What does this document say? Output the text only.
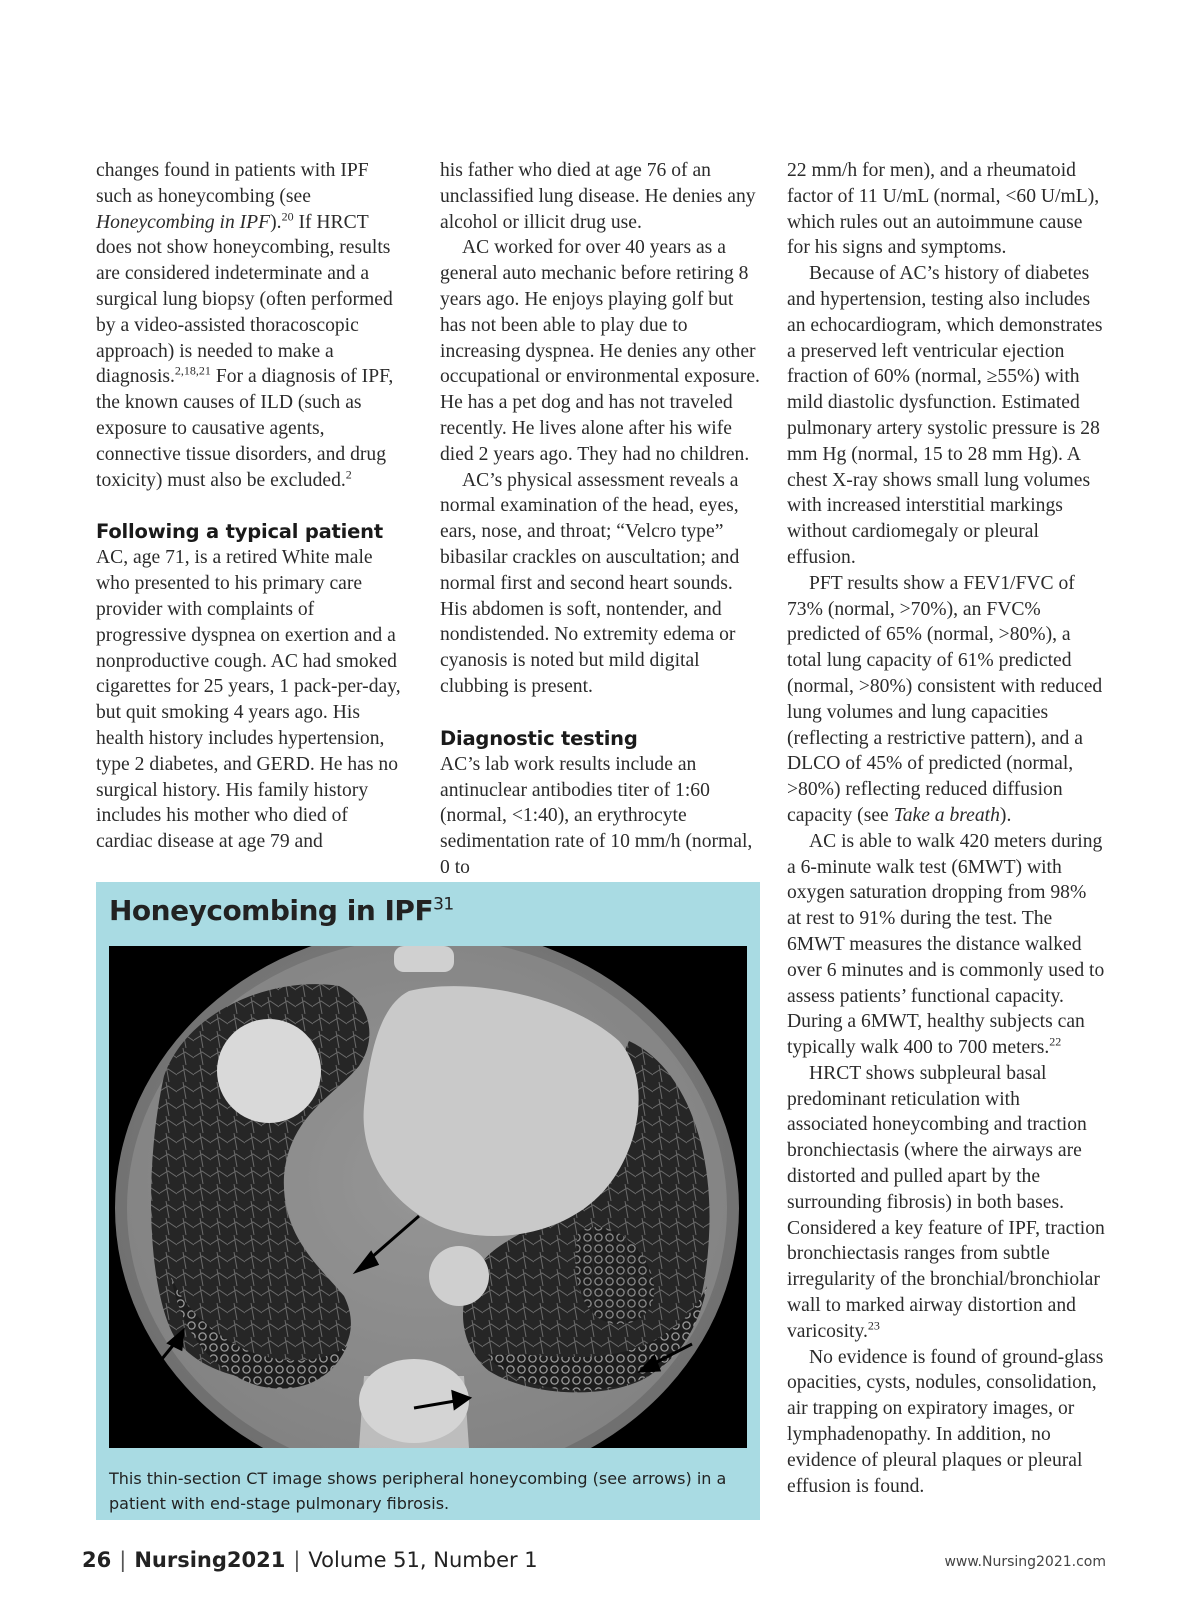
changes found in patients with IPF such as honeycombing (see Honeycombing in IPF).$^{20}$ If HRCT does not show honeycombing, results are considered indeterminate and a surgical lung biopsy (often performed by a video-assisted thoracoscopic approach) is needed to make a diagnosis.$^{2,18,21}$ For a diagnosis of IPF, the known causes of ILD (such as exposure to causative agents, connective tissue disorders, and drug toxicity) must also be excluded.$^2$

Following a typical patient

AC, age 71, is a retired White male who presented to his primary care provider with complaints of progressive dyspnea on exertion and a nonproductive cough. AC had smoked cigarettes for 25 years, 1 pack-per-day, but quit smoking 4 years ago. His health history includes hypertension, type 2 diabetes, and GERD. He has no surgical history. His family history includes his mother who died of cardiac disease at age 79 and

his father who died at age 76 of an unclassified lung disease. He denies any alcohol or illicit drug use.

AC worked for over 40 years as a general auto mechanic before retiring 8 years ago. He enjoys playing golf but has not been able to play due to increasing dyspnea. He denies any other occupational or environmental exposure. He has a pet dog and has not traveled recently. He lives alone after his wife died 2 years ago. They had no children.

AC’s physical assessment reveals a normal examination of the head, eyes, ears, nose, and throat; “Velcro type” bibasilar crackles on auscultation; and normal first and second heart sounds. His abdomen is soft, nontender, and nondistended. No extremity edema or cyanosis is noted but mild digital clubbing is present.

Diagnostic testing

AC’s lab work results include an antinuclear antibodies titer of 1:60 (normal, <1:40), an erythrocyte sedimentation rate of 10 mm/h (normal, 0 to

22 mm/h for men), and a rheumatoid factor of 11 U/mL (normal, <60 U/mL), which rules out an autoimmune cause for his signs and symptoms.

Because of AC’s history of diabetes and hypertension, testing also includes an echocardiogram, which demonstrates a preserved left ventricular ejection fraction of 60% (normal, ≥55%) with mild diastolic dysfunction. Estimated pulmonary artery systolic pressure is 28 mm Hg (normal, 15 to 28 mm Hg). A chest X-ray shows small lung volumes with increased interstitial markings without cardiomegaly or pleural effusion.

PFT results show a FEV1/FVC of 73% (normal, >70%), an FVC% predicted of 65% (normal, >80%), a total lung capacity of 61% predicted (normal, >80%) consistent with reduced lung volumes and lung capacities (reflecting a restrictive pattern), and a DLCO of 45% of predicted (normal, >80%) reflecting reduced diffusion capacity (see Take a breath).

AC is able to walk 420 meters during a 6-minute walk test (6MWT) with oxygen saturation dropping from 98% at rest to 91% during the test. The 6MWT measures the distance walked over 6 minutes and is commonly used to assess patients’ functional capacity. During a 6MWT, healthy subjects can typically walk 400 to 700 meters.$^{22}$

HRCT shows subpleural basal predominant reticulation with associated honeycombing and traction bronchiectasis (where the airways are distorted and pulled apart by the surrounding fibrosis) in both bases. Considered a key feature of IPF, traction bronchiectasis ranges from subtle irregularity of the bronchial/bronchiolar wall to marked airway distortion and varicosity.$^{23}$

No evidence is found of ground-glass opacities, cysts, nodules, consolidation, air trapping on expiratory images, or lymphadenopathy. In addition, no evidence of pleural plaques or pleural effusion is found.

Honeycombing in IPF$^{31}$

This thin-section CT image shows peripheral honeycombing (see arrows) in a patient with end-stage pulmonary fibrosis.

26 | Nursing2021 | Volume 51, Number 1	www.Nursing2021.com
